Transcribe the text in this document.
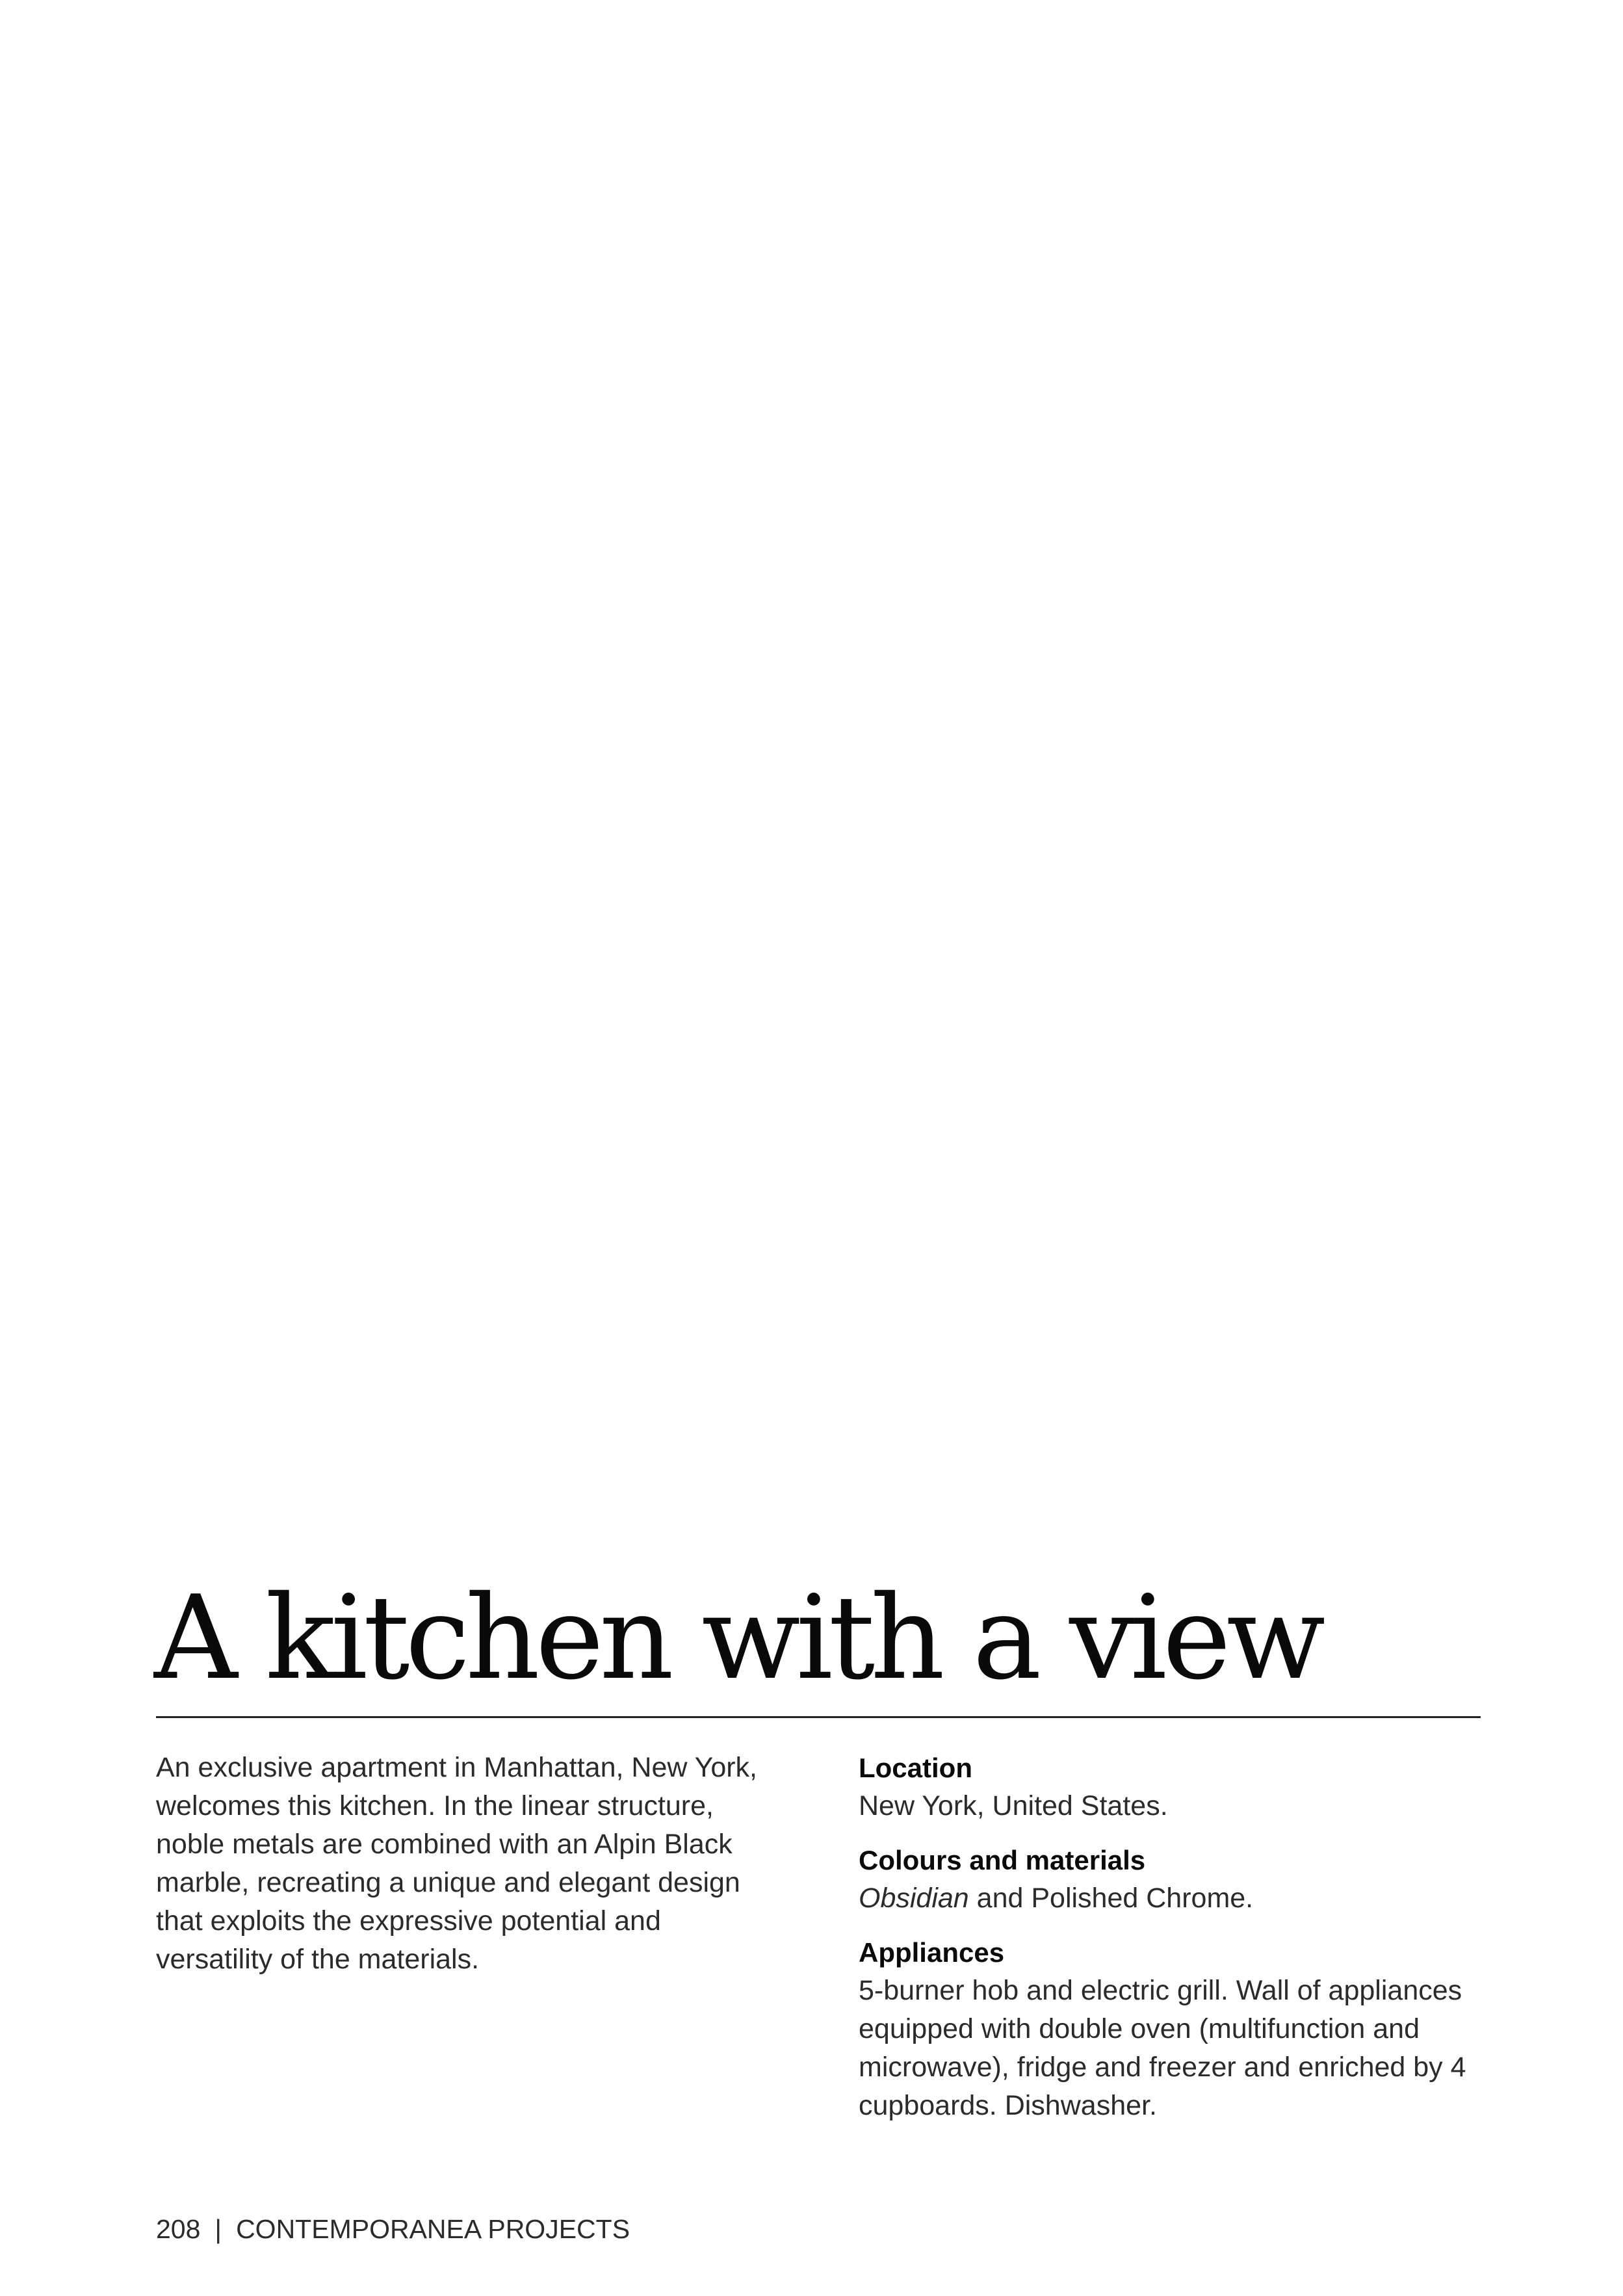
A kitchen with a view

An exclusive apartment in Manhattan, New York, welcomes this kitchen. In the linear structure, noble metals are combined with an Alpin Black marble, recreating a unique and elegant design that exploits the expressive potential and versatility of the materials.

Location

New York, United States.

Colours and materials

Obsidian and Polished Chrome.

Appliances

5-burner hob and electric grill. Wall of appliances equipped with double oven (multifunction and microwave), fridge and freezer and enriched by 4 cupboards. Dishwasher.

208 | CONTEMPORANEA PROJECTS
